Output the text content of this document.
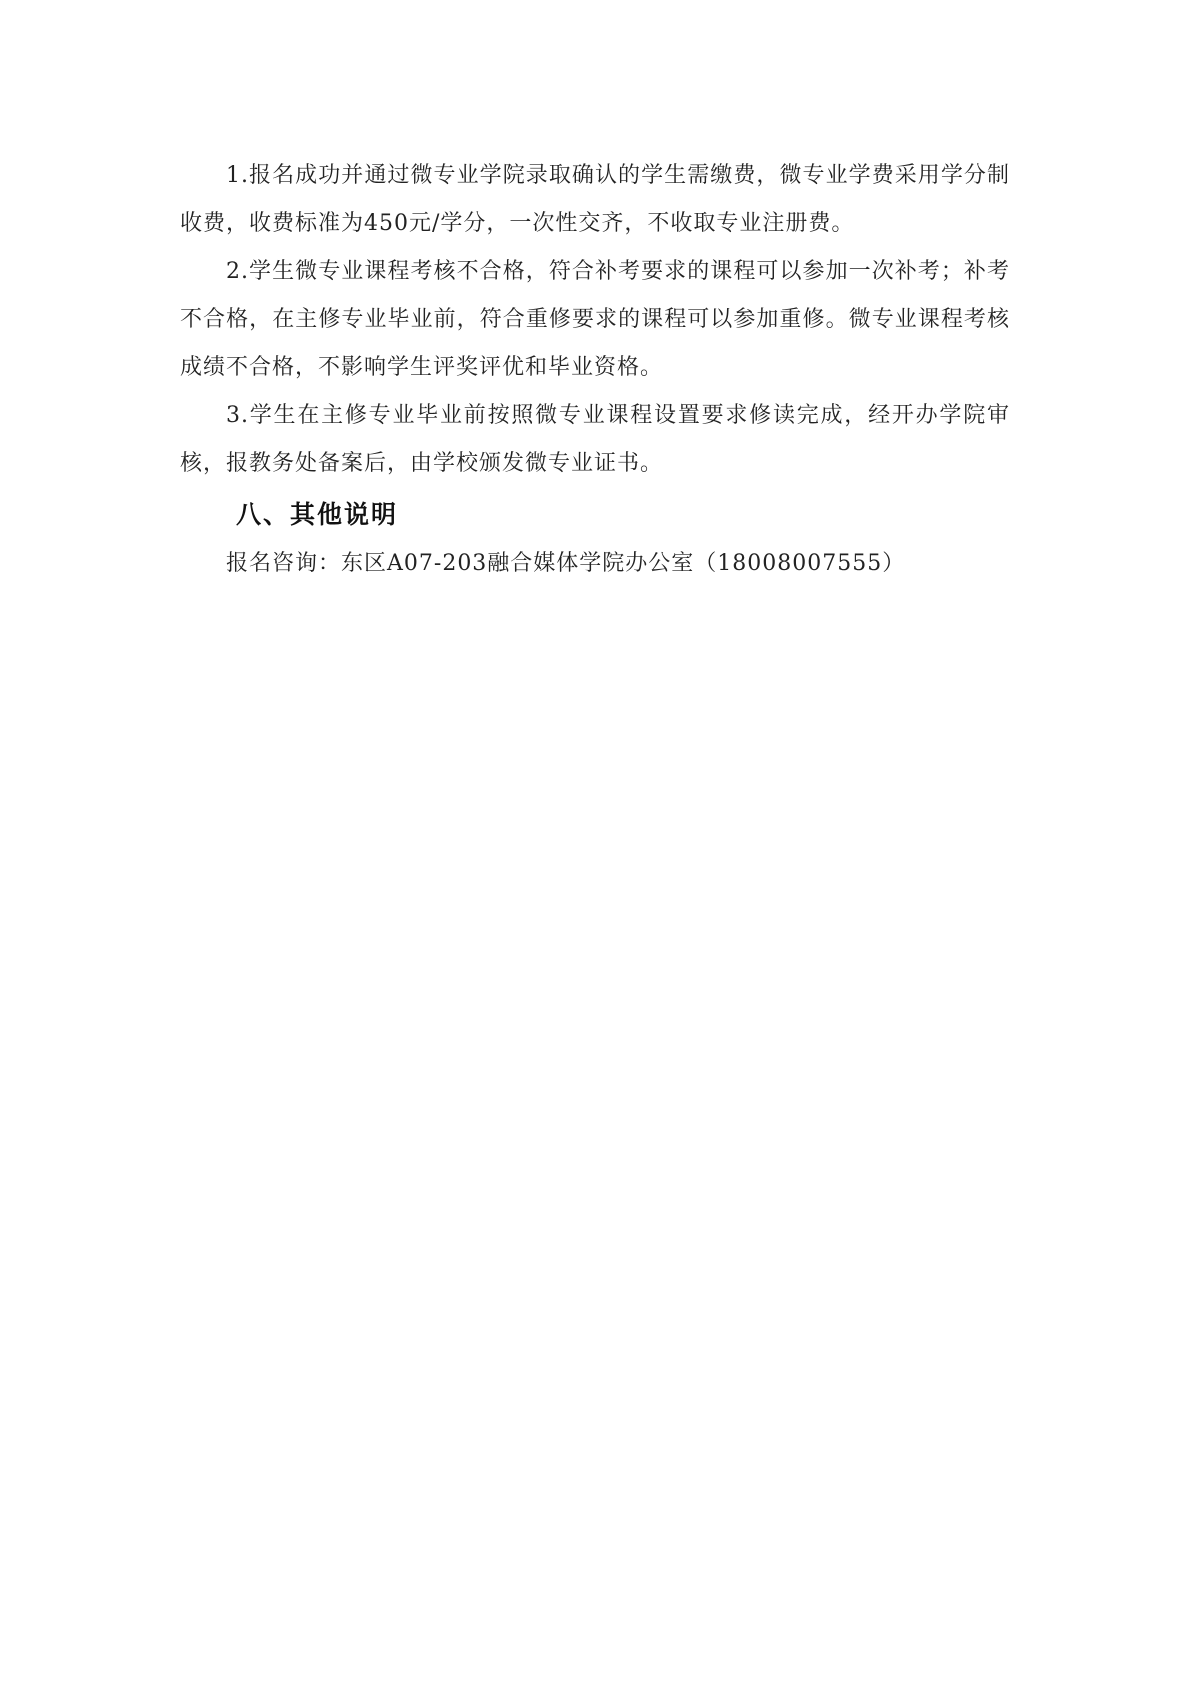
1.报名成功并通过微专业学院录取确认的学生需缴费，微专业学费采用学分制收费，收费标准为450元/学分，一次性交齐，不收取专业注册费。

2.学生微专业课程考核不合格，符合补考要求的课程可以参加一次补考；补考不合格，在主修专业毕业前，符合重修要求的课程可以参加重修。微专业课程考核成绩不合格，不影响学生评奖评优和毕业资格。

3.学生在主修专业毕业前按照微专业课程设置要求修读完成，经开办学院审核，报教务处备案后，由学校颁发微专业证书。

八、其他说明

报名咨询：东区A07-203融合媒体学院办公室（18008007555）
